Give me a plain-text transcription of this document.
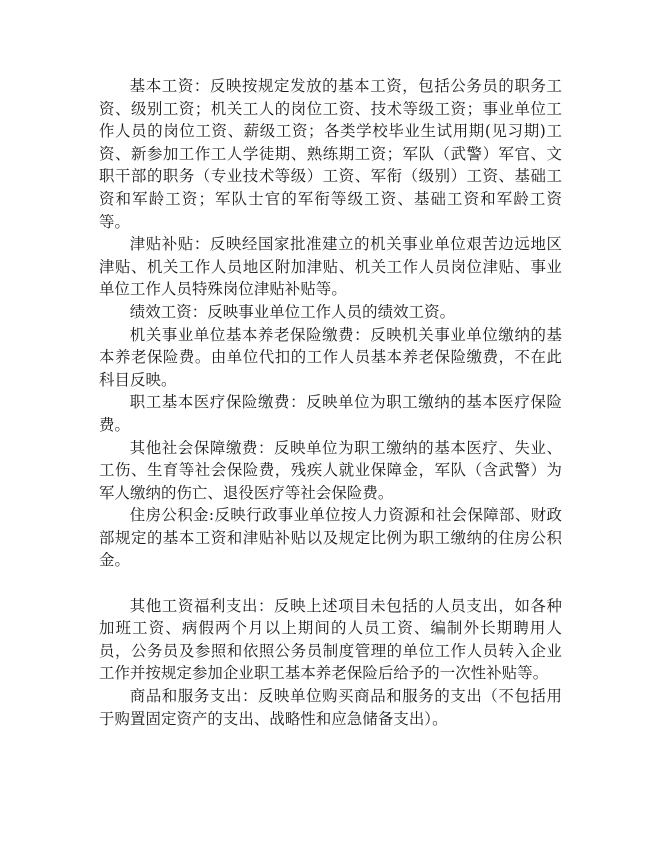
基本工资：反映按规定发放的基本工资，包括公务员的职务工资、级别工资；机关工人的岗位工资、技术等级工资；事业单位工作人员的岗位工资、薪级工资；各类学校毕业生试用期(见习期)工资、新参加工作工人学徒期、熟练期工资；军队（武警）军官、文职干部的职务（专业技术等级）工资、军衔（级别）工资、基础工资和军龄工资；军队士官的军衔等级工资、基础工资和军龄工资等。

津贴补贴：反映经国家批准建立的机关事业单位艰苦边远地区津贴、机关工作人员地区附加津贴、机关工作人员岗位津贴、事业单位工作人员特殊岗位津贴补贴等。

绩效工资：反映事业单位工作人员的绩效工资。

机关事业单位基本养老保险缴费：反映机关事业单位缴纳的基本养老保险费。由单位代扣的工作人员基本养老保险缴费，不在此科目反映。

职工基本医疗保险缴费：反映单位为职工缴纳的基本医疗保险费。

其他社会保障缴费：反映单位为职工缴纳的基本医疗、失业、工伤、生育等社会保险费，残疾人就业保障金，军队（含武警）为军人缴纳的伤亡、退役医疗等社会保险费。

住房公积金:反映行政事业单位按人力资源和社会保障部、财政部规定的基本工资和津贴补贴以及规定比例为职工缴纳的住房公积金。

其他工资福利支出：反映上述项目未包括的人员支出，如各种加班工资、病假两个月以上期间的人员工资、编制外长期聘用人员，公务员及参照和依照公务员制度管理的单位工作人员转入企业工作并按规定参加企业职工基本养老保险后给予的一次性补贴等。

商品和服务支出：反映单位购买商品和服务的支出（不包括用于购置固定资产的支出、战略性和应急储备支出）。
